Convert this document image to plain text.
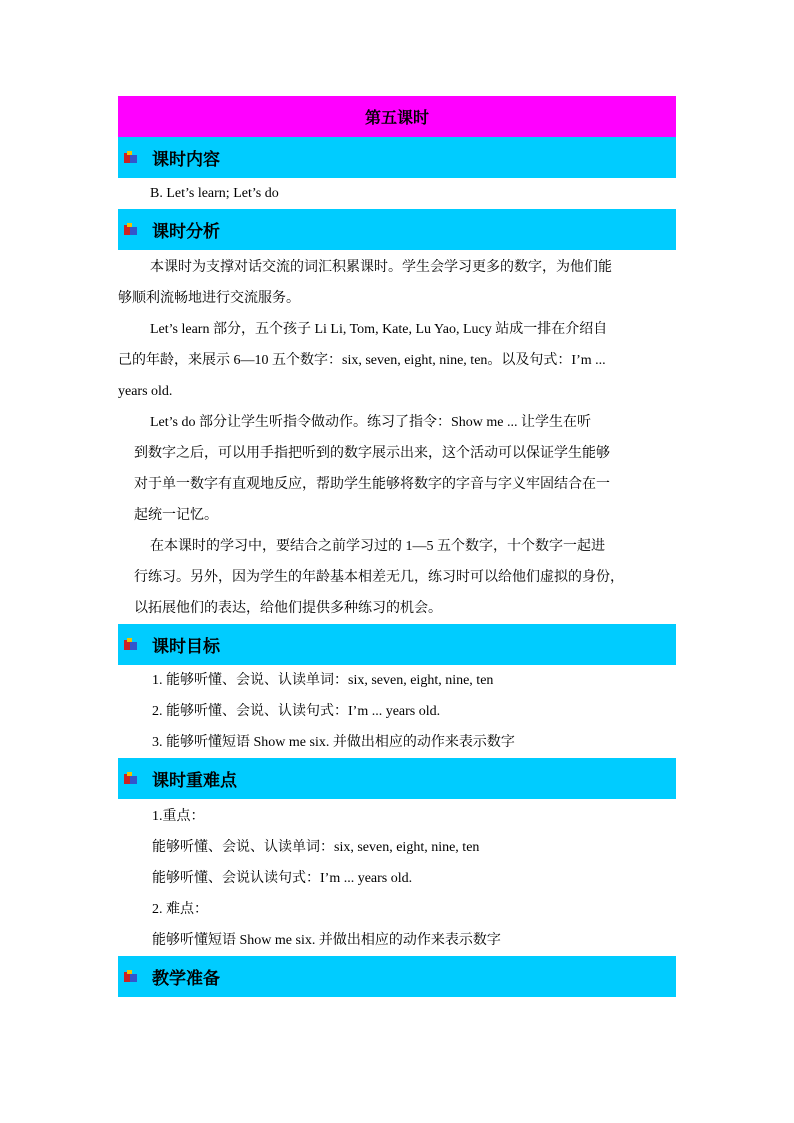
第五课时
课时内容
B. Let’s learn; Let’s do
课时分析
本课时为支撑对话交流的词汇积累课时。学生会学习更多的数字，为他们能
够顺利流畅地进行交流服务。
Let’s learn 部分，五个孩子 Li Li, Tom, Kate, Lu Yao, Lucy 站成一排在介绍自
己的年龄，来展示 6—10 五个数字：six, seven, eight, nine, ten。以及句式：I’m ...
years old.
Let’s do 部分让学生听指令做动作。练习了指令：Show me ... 让学生在听
到数字之后，可以用手指把听到的数字展示出来，这个活动可以保证学生能够
对于单一数字有直观地反应，帮助学生能够将数字的字音与字义牢固结合在一
起统一记忆。
在本课时的学习中，要结合之前学习过的 1—5 五个数字，十个数字一起进
行练习。另外，因为学生的年龄基本相差无几，练习时可以给他们虚拟的身份，
以拓展他们的表达，给他们提供多种练习的机会。
课时目标
1. 能够听懂、会说、认读单词：six, seven, eight, nine, ten
2. 能够听懂、会说、认读句式：I’m ... years old.
3. 能够听懂短语 Show me six. 并做出相应的动作来表示数字
课时重难点
1.重点：
能够听懂、会说、认读单词：six, seven, eight, nine, ten
能够听懂、会说认读句式：I’m ... years old.
2. 难点：
能够听懂短语 Show me six. 并做出相应的动作来表示数字
教学准备
